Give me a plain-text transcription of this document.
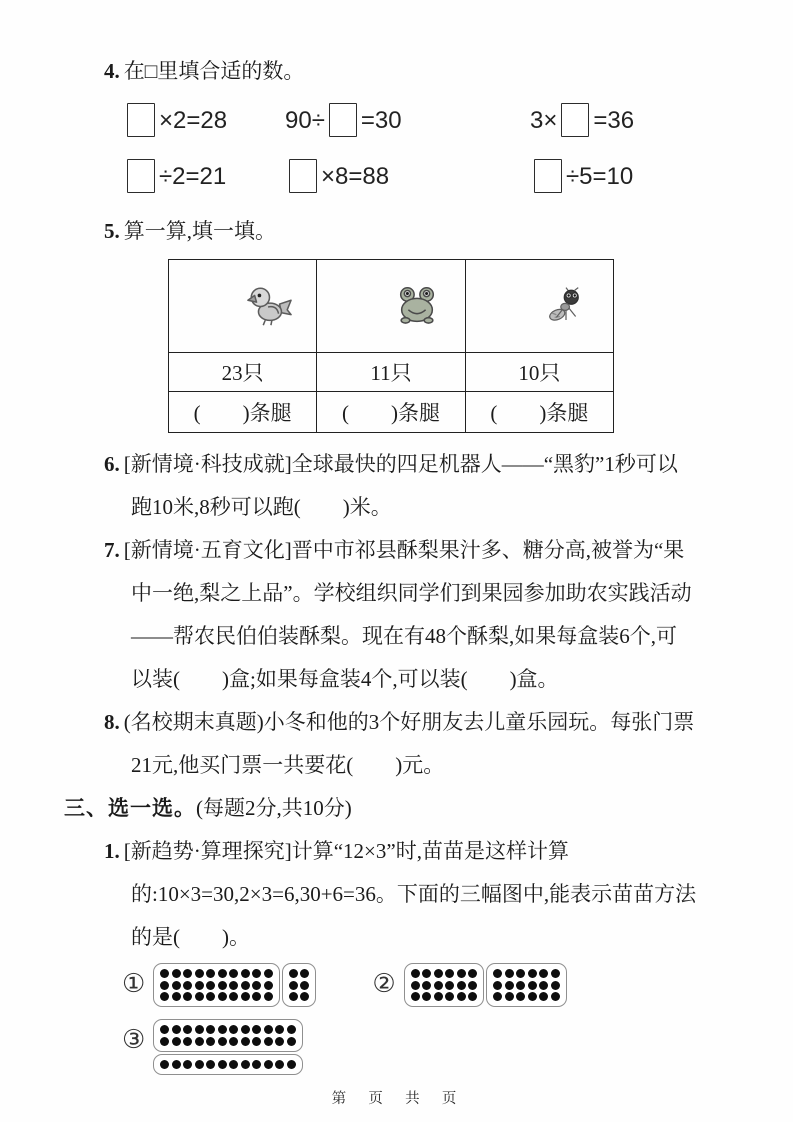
4. 在□里填合适的数。
×2=28	90÷ =30	3× =36
÷2=21	×8=88	÷5=10
5. 算一算,填一填。

23只	11只	10只
(        )条腿	(        )条腿	(        )条腿
6. [新情境·科技成就]全球最快的四足机器人——“黑豹”1秒可以跑10米,8秒可以跑(        )米。
7. [新情境·五育文化]晋中市祁县酥梨果汁多、糖分高,被誉为“果中一绝,梨之上品”。学校组织同学们到果园参加助农实践活动——帮农民伯伯装酥梨。现在有48个酥梨,如果每盒装6个,可以装(        )盒;如果每盒装4个,可以装(        )盒。
8. (名校期末真题)小冬和他的3个好朋友去儿童乐园玩。每张门票21元,他买门票一共要花(        )元。
三、选一选。(每题2分,共10分)
1. [新趋势·算理探究]计算“12×3”时,苗苗是这样计算的:10×3=30,2×3=6,30+6=36。下面的三幅图中,能表示苗苗方法的是(        )。
①	②
③
第  页  共  页
